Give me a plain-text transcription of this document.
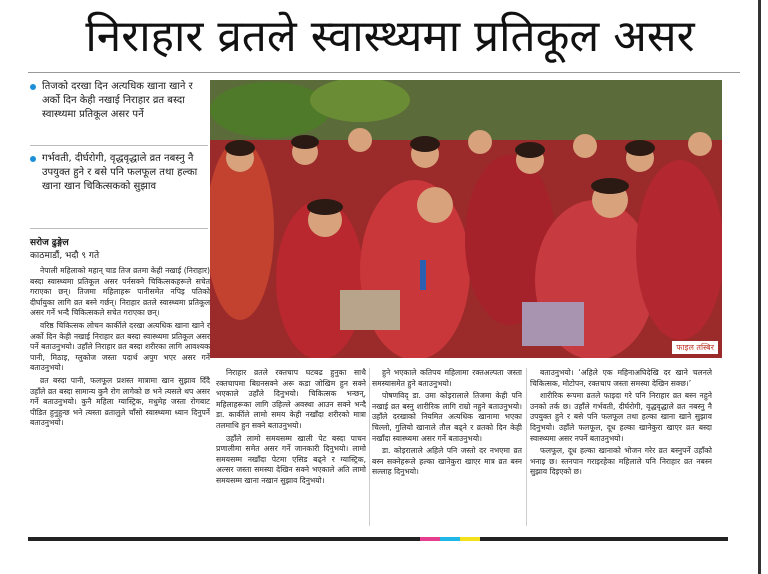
निराहार व्रतले स्वास्थ्यमा प्रतिकूल असर
तिजको दरखा दिन अत्यधिक खाना खाने र अर्को दिन केही नखाई निराहार व्रत बस्दा स्वास्थ्यमा प्रतिकूल असर पर्ने
गर्भवती, दीर्घरोगी, वृद्धवृद्धाले व्रत नबस्नु नै उपयुक्त हुने र बसे पनि फलफूल तथा हल्का खाना खान चिकित्सकको सुझाव
सरोज ढुङ्गेल
काठमाडौं, भदौ ९ गते

नेपाली महिलाको महान् चाड तिज व्रतमा केही नखाई (निराहार) बस्दा स्वास्थ्यमा प्रतिकूल असर पर्नसक्ने चिकित्सकहरूले सचेत गराएका छन्। तिजमा महिलाहरू पानीसमेत नपिइ पतिको दीर्घायुका लागि व्रत बस्ने गर्छन्। निराहार व्रतले स्वास्थ्यमा प्रतिकूल असर गर्ने भन्दै चिकित्सकले सचेत गराएका छन्।

वरिष्ठ चिकित्सक लोचन कार्कीले दरखा अत्यधिक खाना खाने र अर्को दिन केही नखाई निराहार व्रत बस्दा स्वास्थ्यमा प्रतिकूल असर पर्ने बताउनुभयो। उहाँले निराहार व्रत बस्दा शरीरका लागि आवश्यक पानी, मिठाइ, ग्लुकोज जस्ता पदार्थ अपुग भएर असर गर्ने बताउनुभयो।

व्रत बस्दा पानी, फलफूल प्रशस्त मात्रामा खान सुझाव दिँदै उहाँले व्रत बस्दा सामान्य कुनै रोग लागेको छ भने त्यसले थप असर गर्ने बताउनुभयो। कुनै महिला ग्यास्ट्रिक, मधुमेह जस्ता रोगबाट पीडित हुनुहुन्छ भने त्यस्ता व्रतालुले चाँसो स्वास्थ्यमा ध्यान दिनुपर्ने बताउनुभयो।

फाइल तस्बिर

निराहार व्रतले रक्तचाप घटबढ हुनुका साथै रक्तचापमा बिग्रनसक्ने अरू कडा जोखिम हुन सक्ने भएकाले उहाँले दिनुभयो। चिकित्सक भन्छन्, महिलाहरूका लागि उहिल्ले अवस्था आउन सक्ने भन्दै डा. कार्कीले लामो समय केही नखाँदा शरीरको मात्रा तलमाथि हुन सक्ने बताउनुभयो।

उहाँले लामो समयसम्म खाली पेट बस्दा पाचन प्रणालीमा समेत असर गर्ने जानकारी दिनुभयो। लामो समयसम्म नखाँदा पेटमा एसिड बढ्ने र ग्यास्ट्रिक, अल्सर जस्ता समस्या देखिन सक्ने भएकाले अति लामो समयसम्म खाना नखान सुझाव दिनुभयो।

हुने भएकाले कतिपय महिलामा रक्तअल्पता जस्ता समस्यासमेत हुने बताउनुभयो।

पोषणविद् डा. उमा कोइरालाले तिजमा केही पनि नखाई व्रत बस्नु शारीरिक लागि राम्रो नहुने बताउनुभयो। उहाँले दरखाको नियमित अत्यधिक खानामा भएका चिल्लो, गुलियो खानाले तौल बढ्ने र व्रतको दिन केही नखाँदा स्वास्थ्यमा असर गर्ने बताउनुभयो।

डा. कोइरालाले अहिले पनि जस्तो दर नभएमा व्रत बस्न सक्नेहरूले हल्का खानेकुरा खाएर मात्र व्रत बस्न सल्लाह दिनुभयो।

बताउनुभयो। ‘अहिले एक महिनाअघिदेखि दर खाने चलनले चिकित्सक, मोटोपन, रक्तचाप जस्ता समस्या देखिन सक्छ।’

शारीरिक रूपमा व्रतले फाइदा गरे पनि निराहार व्रत बस्न नहुने उनको तर्क छ। उहाँले गर्भवती, दीर्घरोगी, वृद्धवृद्धाले व्रत नबस्नु नै उपयुक्त हुने र बसे पनि फलफूल तथा हल्का खाना खाने सुझाव दिनुभयो। उहाँले फलफूल, दूध हल्का खानेकुरा खाएर व्रत बस्दा स्वास्थ्यमा असर नपर्ने बताउनुभयो।

फलफूल, दूध हल्का खानाको भोजन गरेर व्रत बस्नुपर्ने उहाँको भनाइ छ। स्तनपान गराइरहेका महिलाले पनि निराहार व्रत नबस्न सुझाव दिइएको छ।
